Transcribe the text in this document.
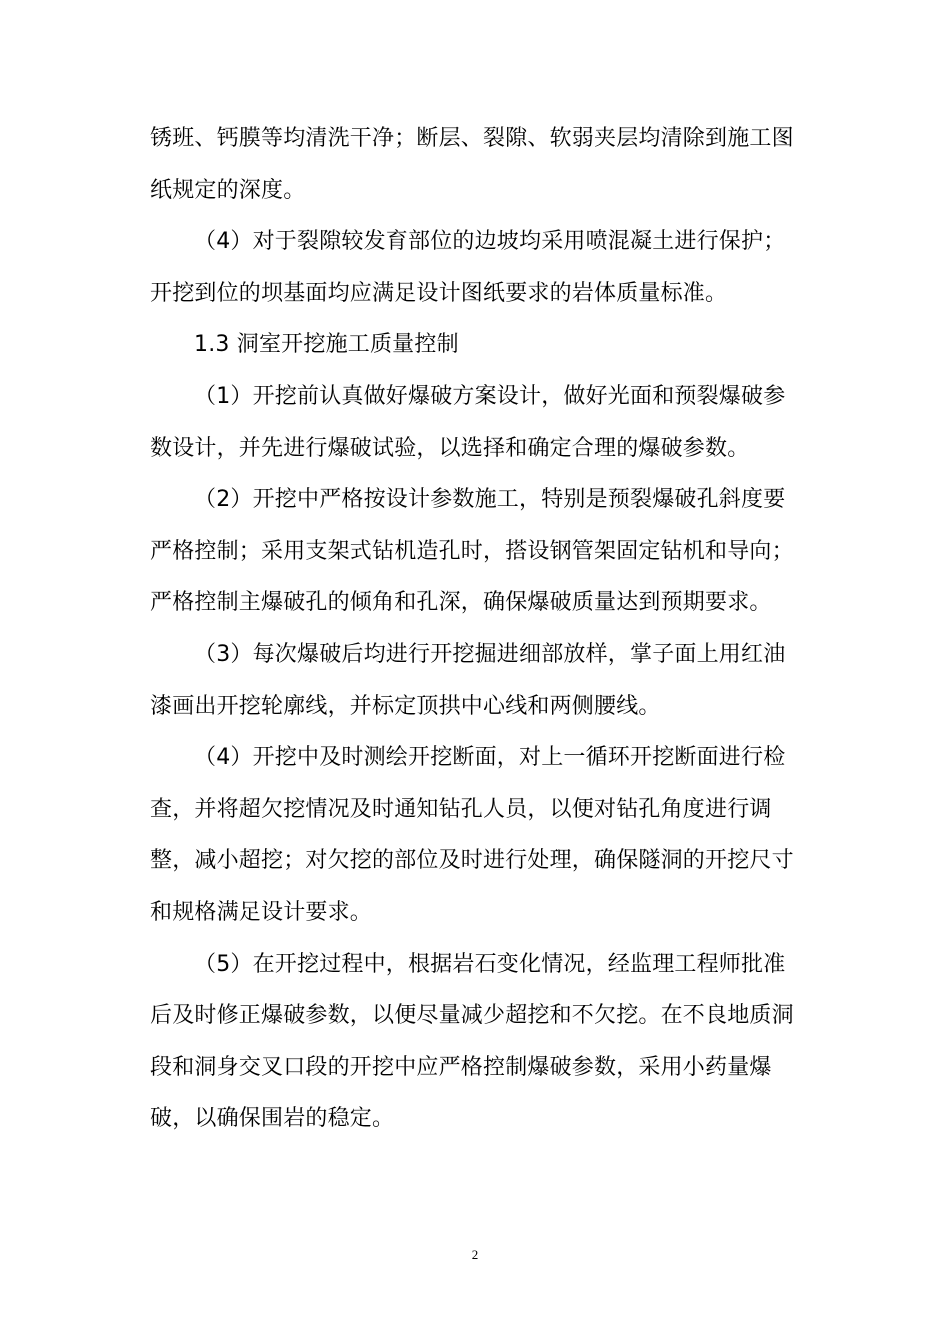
锈班、钙膜等均清洗干净；断层、裂隙、软弱夹层均清除到施工图
纸规定的深度。
（4）对于裂隙较发育部位的边坡均采用喷混凝土进行保护；
开挖到位的坝基面均应满足设计图纸要求的岩体质量标准。
1.3 洞室开挖施工质量控制
（1）开挖前认真做好爆破方案设计，做好光面和预裂爆破参
数设计，并先进行爆破试验，以选择和确定合理的爆破参数。
（2）开挖中严格按设计参数施工，特别是预裂爆破孔斜度要
严格控制；采用支架式钻机造孔时，搭设钢管架固定钻机和导向；
严格控制主爆破孔的倾角和孔深，确保爆破质量达到预期要求。
（3）每次爆破后均进行开挖掘进细部放样，掌子面上用红油
漆画出开挖轮廓线，并标定顶拱中心线和两侧腰线。
（4）开挖中及时测绘开挖断面，对上一循环开挖断面进行检
查，并将超欠挖情况及时通知钻孔人员，以便对钻孔角度进行调
整，减小超挖；对欠挖的部位及时进行处理，确保隧洞的开挖尺寸
和规格满足设计要求。
（5）在开挖过程中，根据岩石变化情况，经监理工程师批准
后及时修正爆破参数，以便尽量减少超挖和不欠挖。在不良地质洞
段和洞身交叉口段的开挖中应严格控制爆破参数，采用小药量爆
破，以确保围岩的稳定。
2
